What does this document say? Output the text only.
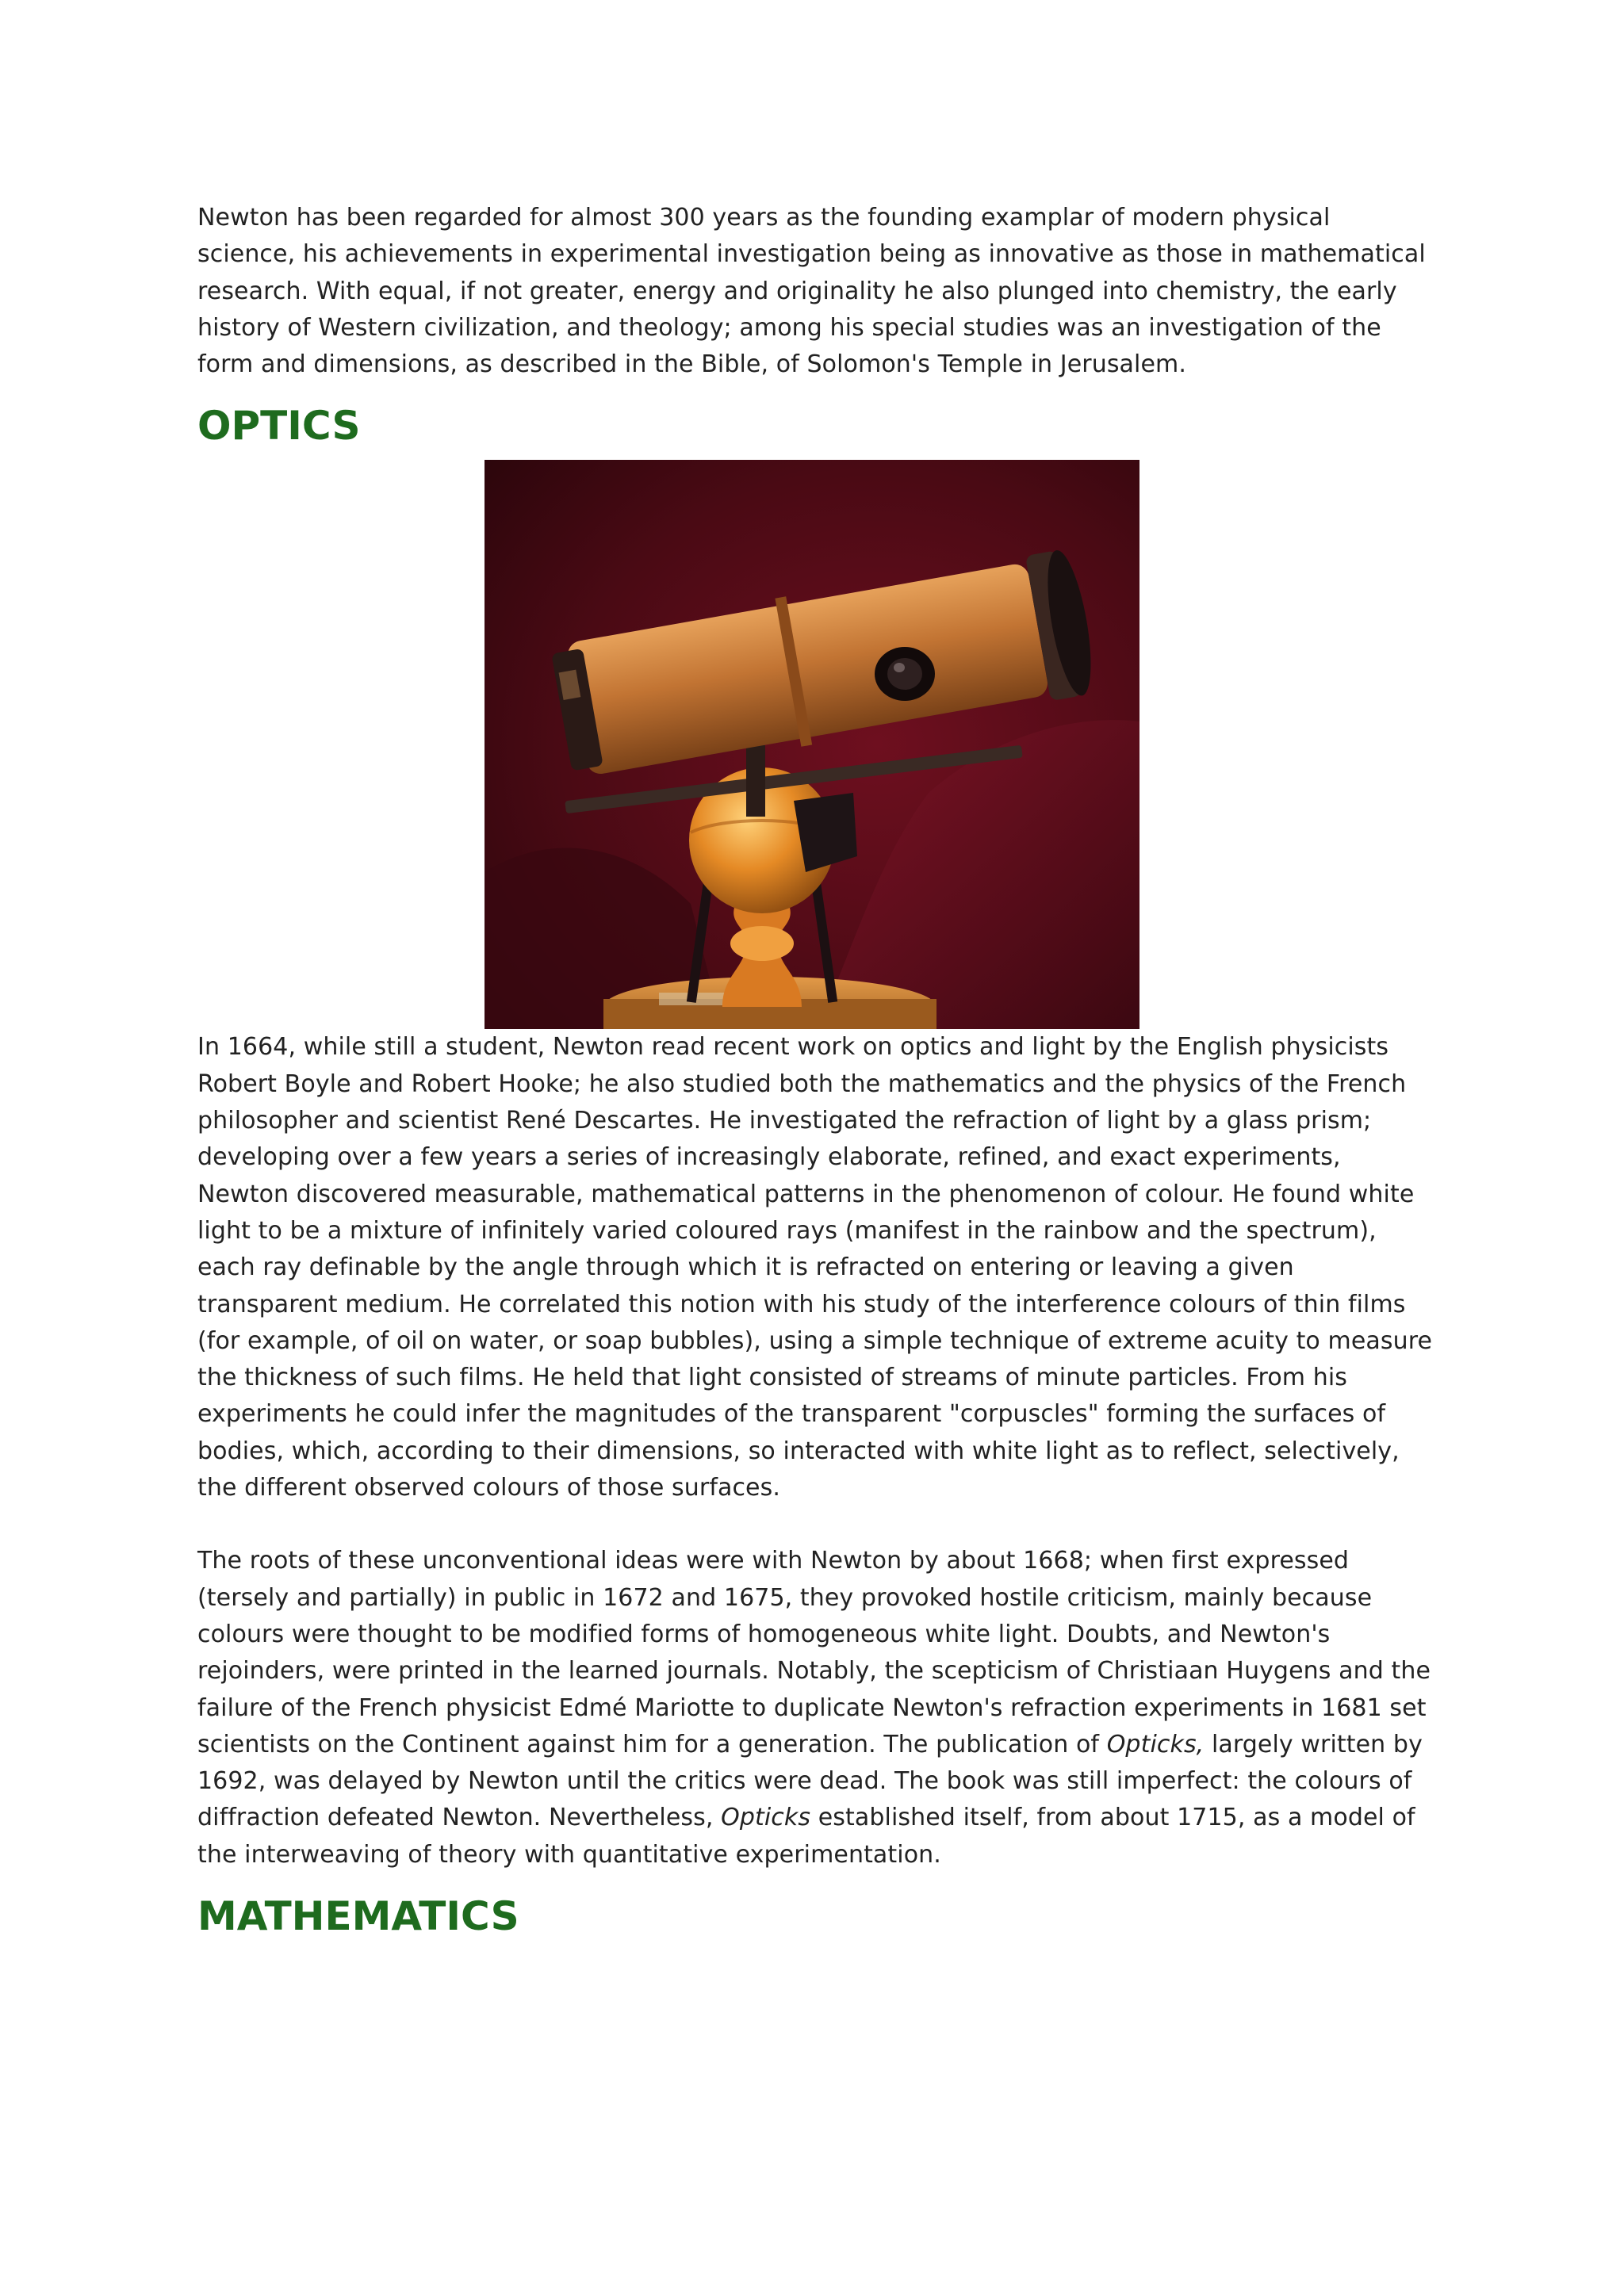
Newton has been regarded for almost 300 years as the founding examplar of modern physical science, his achievements in experimental investigation being as innovative as those in mathematical research. With equal, if not greater, energy and originality he also plunged into chemistry, the early history of Western civilization, and theology; among his special studies was an investigation of the form and dimensions, as described in the Bible, of Solomon's Temple in Jerusalem.

OPTICS

In 1664, while still a student, Newton read recent work on optics and light by the English physicists Robert Boyle and Robert Hooke; he also studied both the mathematics and the physics of the French philosopher and scientist René Descartes. He investigated the refraction of light by a glass prism; developing over a few years a series of increasingly elaborate, refined, and exact experiments, Newton discovered measurable, mathematical patterns in the phenomenon of colour. He found white light to be a mixture of infinitely varied coloured rays (manifest in the rainbow and the spectrum), each ray definable by the angle through which it is refracted on entering or leaving a given transparent medium. He correlated this notion with his study of the interference colours of thin films (for example, of oil on water, or soap bubbles), using a simple technique of extreme acuity to measure the thickness of such films. He held that light consisted of streams of minute particles. From his experiments he could infer the magnitudes of the transparent "corpuscles" forming the surfaces of bodies, which, according to their dimensions, so interacted with white light as to reflect, selectively, the different observed colours of those surfaces.

The roots of these unconventional ideas were with Newton by about 1668; when first expressed (tersely and partially) in public in 1672 and 1675, they provoked hostile criticism, mainly because colours were thought to be modified forms of homogeneous white light. Doubts, and Newton's rejoinders, were printed in the learned journals. Notably, the scepticism of Christiaan Huygens and the failure of the French physicist Edmé Mariotte to duplicate Newton's refraction experiments in 1681 set scientists on the Continent against him for a generation. The publication of Opticks, largely written by 1692, was delayed by Newton until the critics were dead. The book was still imperfect: the colours of diffraction defeated Newton. Nevertheless, Opticks established itself, from about 1715, as a model of the interweaving of theory with quantitative experimentation.

MATHEMATICS
